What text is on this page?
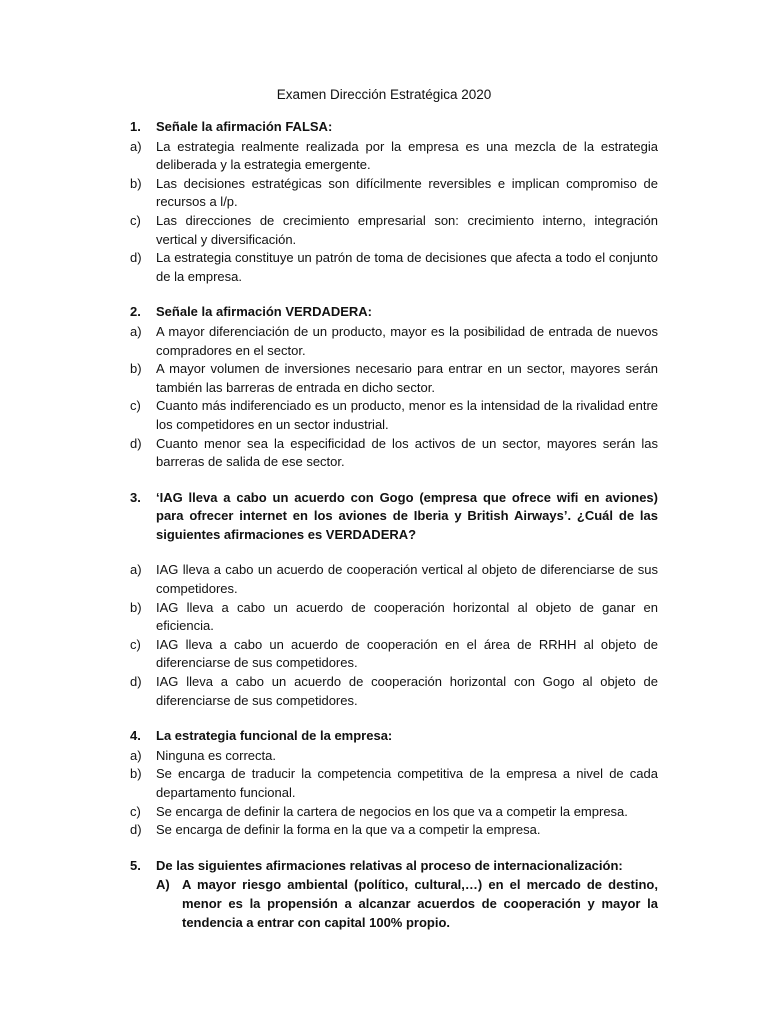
Examen Dirección Estratégica 2020
1.	Señale la afirmación FALSA:
a)	La estrategia realmente realizada por la empresa es una mezcla de la estrategia deliberada y la estrategia emergente.
b)	Las decisiones estratégicas son difícilmente reversibles e implican compromiso de recursos a l/p.
c)	Las direcciones de crecimiento empresarial son: crecimiento interno, integración vertical y diversificación.
d)	La estrategia constituye un patrón de toma de decisiones que afecta a todo el conjunto de la empresa.
2.	Señale la afirmación VERDADERA:
a)	A mayor diferenciación de un producto, mayor es la posibilidad de entrada de nuevos compradores en el sector.
b)	A mayor volumen de inversiones necesario para entrar en un sector, mayores serán también las barreras de entrada en dicho sector.
c)	Cuanto más indiferenciado es un producto, menor es la intensidad de la rivalidad entre los competidores en un sector industrial.
d)	Cuanto menor sea la especificidad de los activos de un sector, mayores serán las barreras de salida de ese sector.
3.	‘IAG lleva a cabo un acuerdo con Gogo (empresa que ofrece wifi en aviones) para ofrecer internet en los aviones de Iberia y British Airways’. ¿Cuál de las siguientes afirmaciones es VERDADERA?
a)	IAG lleva a cabo un acuerdo de cooperación vertical al objeto de diferenciarse de sus competidores.
b)	IAG lleva a cabo un acuerdo de cooperación horizontal al objeto de ganar en eficiencia.
c)	IAG lleva a cabo un acuerdo de cooperación en el área de RRHH al objeto de diferenciarse de sus competidores.
d)	IAG lleva a cabo un acuerdo de cooperación horizontal con Gogo al objeto de diferenciarse de sus competidores.
4.	La estrategia funcional de la empresa:
a)	Ninguna es correcta.
b)	Se encarga de traducir la competencia competitiva de la empresa a nivel de cada departamento funcional.
c)	Se encarga de definir la cartera de negocios en los que va a competir la empresa.
d)	Se encarga de definir la forma en la que va a competir la empresa.
5.	De las siguientes afirmaciones relativas al proceso de internacionalización:
A) A mayor riesgo ambiental (político, cultural,…) en el mercado de destino, menor es la propensión a alcanzar acuerdos de cooperación y mayor la tendencia a entrar con capital 100% propio.
